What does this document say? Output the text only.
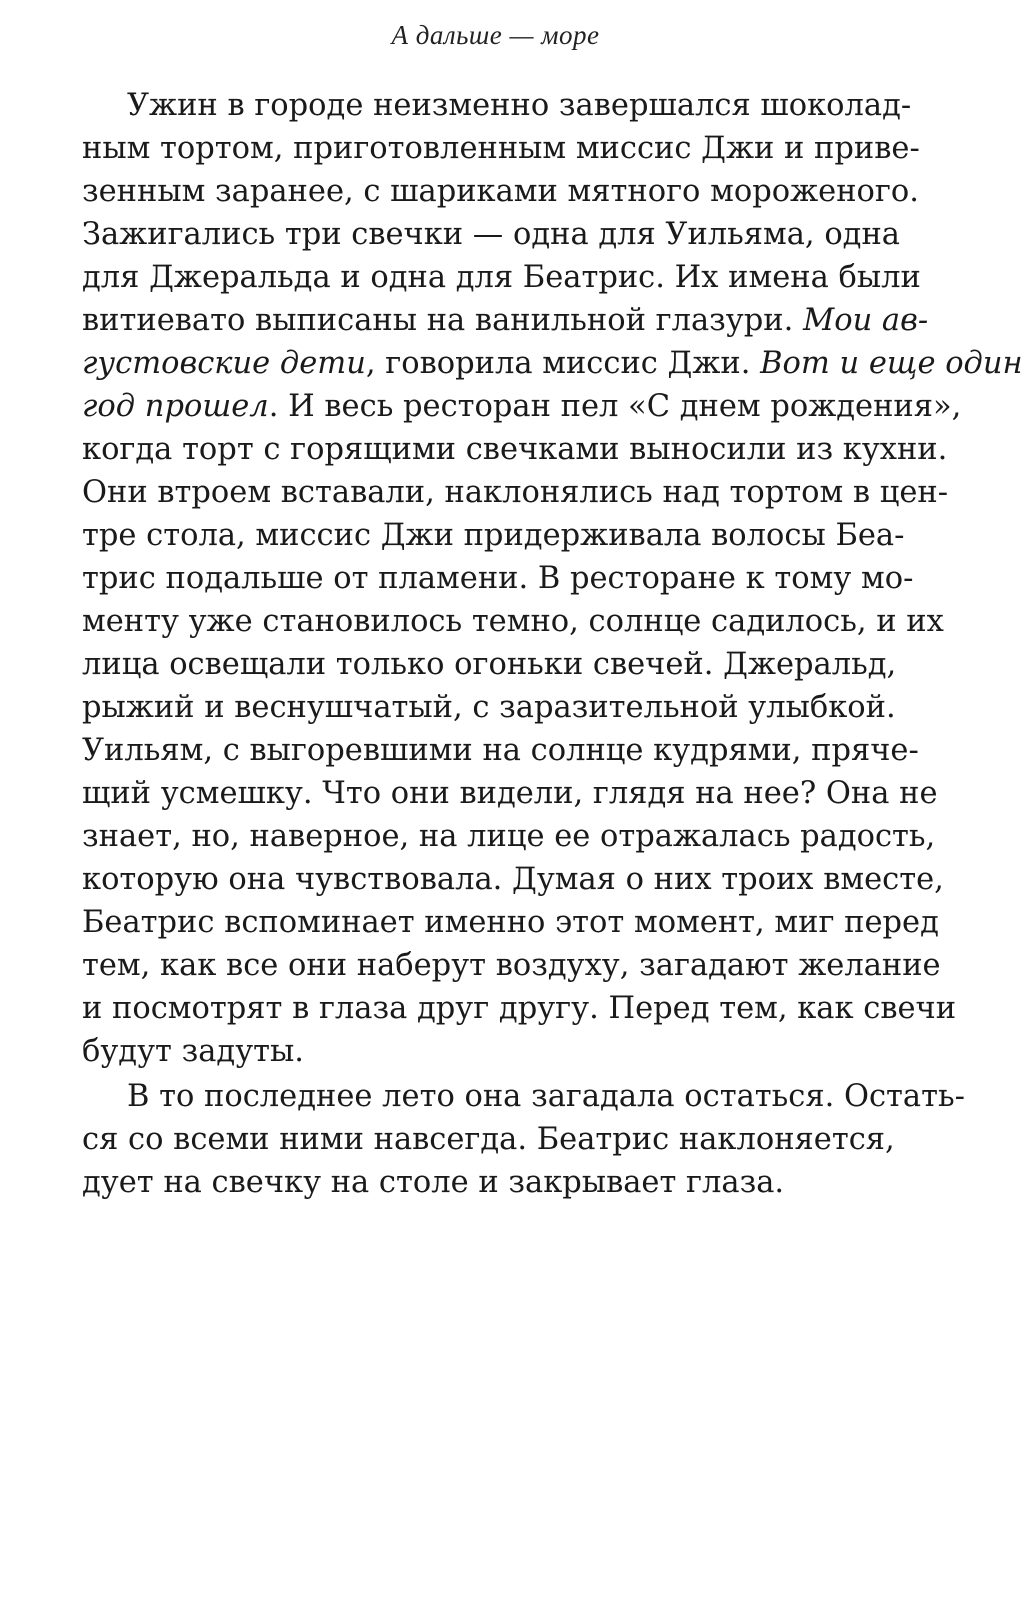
А дальше — море
Ужин в городе неизменно завершался шоколад-
ным тортом, приготовленным миссис Джи и приве-
зенным заранее, с шариками мятного мороженого.
Зажигались три свечки — одна для Уильяма, одна
для Джеральда и одна для Беатрис. Их имена были
витиевато выписаны на ванильной глазури. Мои ав-
густовские дети, говорила миссис Джи. Вот и еще один
год прошел. И весь ресторан пел «С днем рождения»,
когда торт с горящими свечками выносили из кухни.
Они втроем вставали, наклонялись над тортом в цен-
тре стола, миссис Джи придерживала волосы Беа-
трис подальше от пламени. В ресторане к тому мо-
менту уже становилось темно, солнце садилось, и их
лица освещали только огоньки свечей. Джеральд,
рыжий и веснушчатый, с заразительной улыбкой.
Уильям, с выгоревшими на солнце кудрями, пряче-
щий усмешку. Что они видели, глядя на нее? Она не
знает, но, наверное, на лице ее отражалась радость,
которую она чувствовала. Думая о них троих вместе,
Беатрис вспоминает именно этот момент, миг перед
тем, как все они наберут воздуху, загадают желание
и посмотрят в глаза друг другу. Перед тем, как свечи
будут задуты.
В то последнее лето она загадала остаться. Остать-
ся со всеми ними навсегда. Беатрис наклоняется,
дует на свечку на столе и закрывает глаза.
